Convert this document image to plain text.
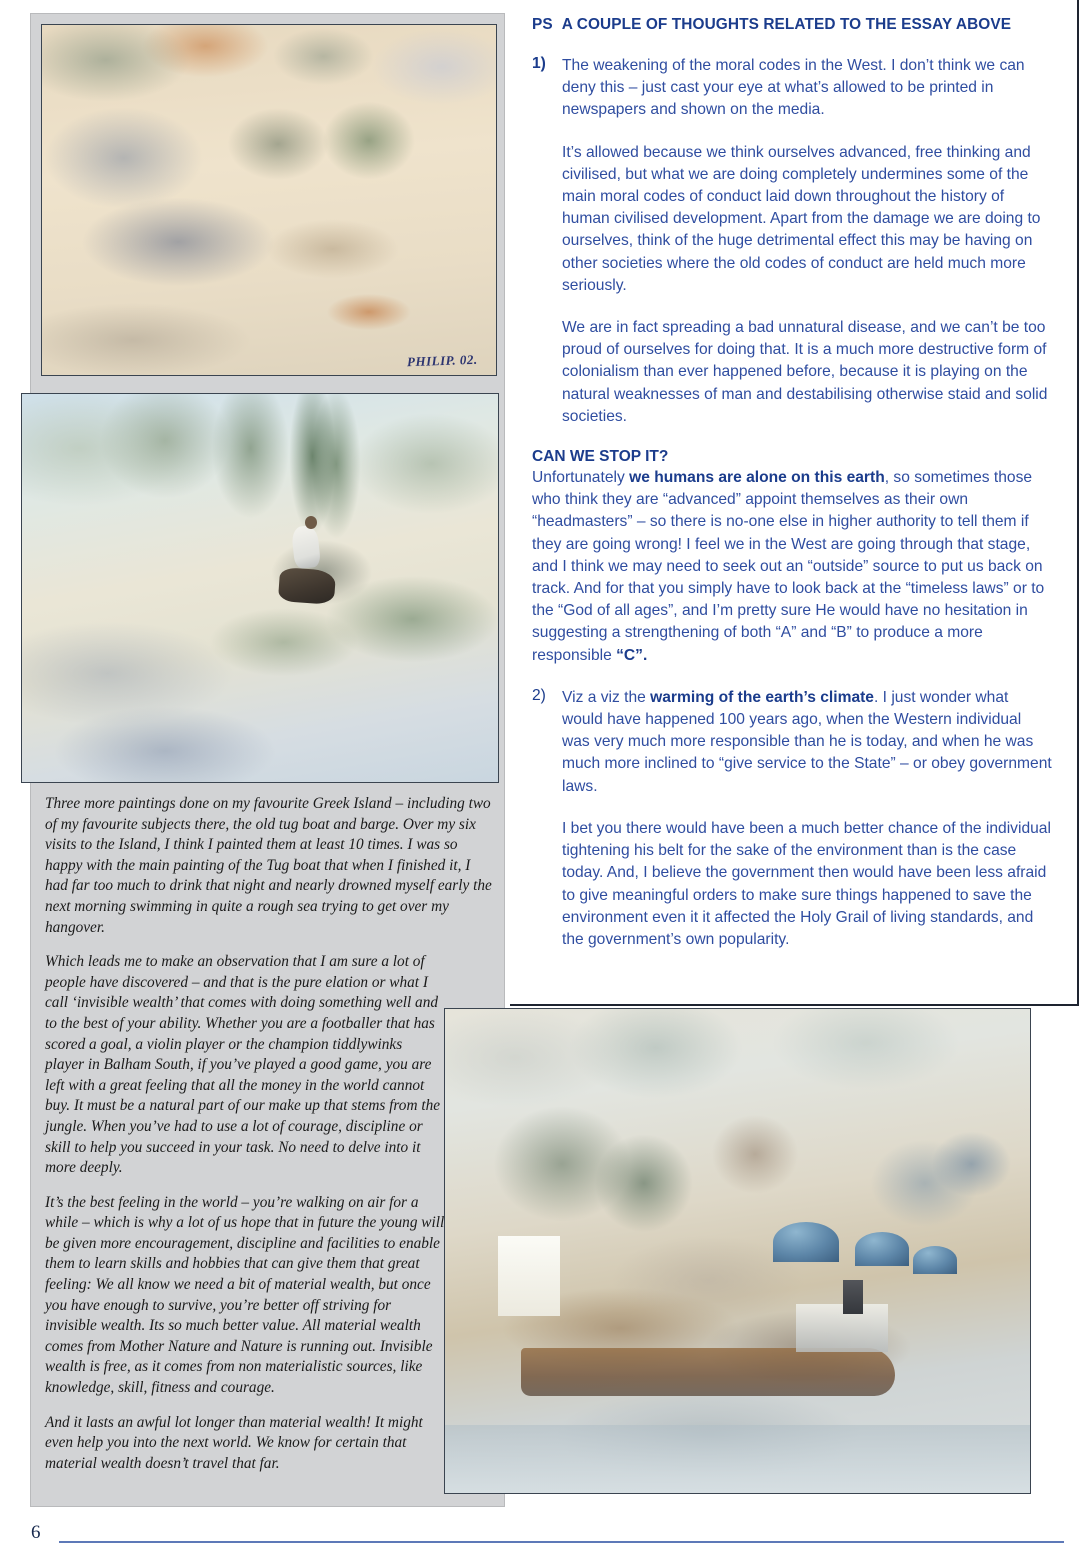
PHILIP. 02.

Three more paintings done on my favourite Greek Island – including two of my favourite subjects there, the old tug boat and barge. Over my six visits to the Island, I think I painted them at least 10 times. I was so happy with the main painting of the Tug boat that when I finished it, I had far too much to drink that night and nearly drowned myself early the next morning swimming in quite a rough sea trying to get over my hangover.

Which leads me to make an observation that I am sure a lot of people have discovered – and that is the pure elation or what I call ‘invisible wealth’ that comes with doing something well and to the best of your ability. Whether you are a footballer that has scored a goal, a violin player or the champion tiddlywinks player in Balham South, if you’ve played a good game, you are left with a great feeling that all the money in the world cannot buy. It must be a natural part of our make up that stems from the jungle. When you’ve had to use a lot of courage, discipline or skill to help you succeed in your task. No need to delve into it more deeply.

It’s the best feeling in the world – you’re walking on air for a while – which is why a lot of us hope that in future the young will be given more encouragement, discipline and facilities to enable them to learn skills and hobbies that can give them that great feeling: We all know we need a bit of material wealth, but once you have enough to survive, you’re better off striving for invisible wealth. Its so much better value. All material wealth comes from Mother Nature and Nature is running out. Invisible wealth is free, as it comes from non materialistic sources, like knowledge, skill, fitness and courage.

And it lasts an awful lot longer than material wealth! It might even help you into the next world. We know for certain that material wealth doesn’t travel that far.

PS A COUPLE OF THOUGHTS RELATED TO THE ESSAY ABOVE
1) The weakening of the moral codes in the West. I don’t think we can deny this – just cast your eye at what’s allowed to be printed in newspapers and shown on the media.
It’s allowed because we think ourselves advanced, free thinking and civilised, but what we are doing completely undermines some of the main moral codes of conduct laid down throughout the history of human civilised development. Apart from the damage we are doing to ourselves, think of the huge detrimental effect this may be having on other societies where the old codes of conduct are held much more seriously.
We are in fact spreading a bad unnatural disease, and we can’t be too proud of ourselves for doing that. It is a much more destructive form of colonialism than ever happened before, because it is playing on the natural weaknesses of man and destabilising otherwise staid and solid societies.
CAN WE STOP IT?
Unfortunately we humans are alone on this earth, so sometimes those who think they are “advanced” appoint themselves as their own “headmasters” – so there is no-one else in higher authority to tell them if they are going wrong! I feel we in the West are going through that stage, and I think we may need to seek out an “outside” source to put us back on track. And for that you simply have to look back at the “timeless laws” or to the “God of all ages”, and I’m pretty sure He would have no hesitation in suggesting a strengthening of both “A” and “B” to produce a more responsible “C”.
2) Viz a viz the warming of the earth’s climate. I just wonder what would have happened 100 years ago, when the Western individual was very much more responsible than he is today, and when he was much more inclined to “give service to the State” – or obey government laws.
I bet you there would have been a much better chance of the individual tightening his belt for the sake of the environment than is the case today. And, I believe the government then would have been less afraid to give meaningful orders to make sure things happened to save the environment even it it affected the Holy Grail of living standards, and the government’s own popularity.
6
